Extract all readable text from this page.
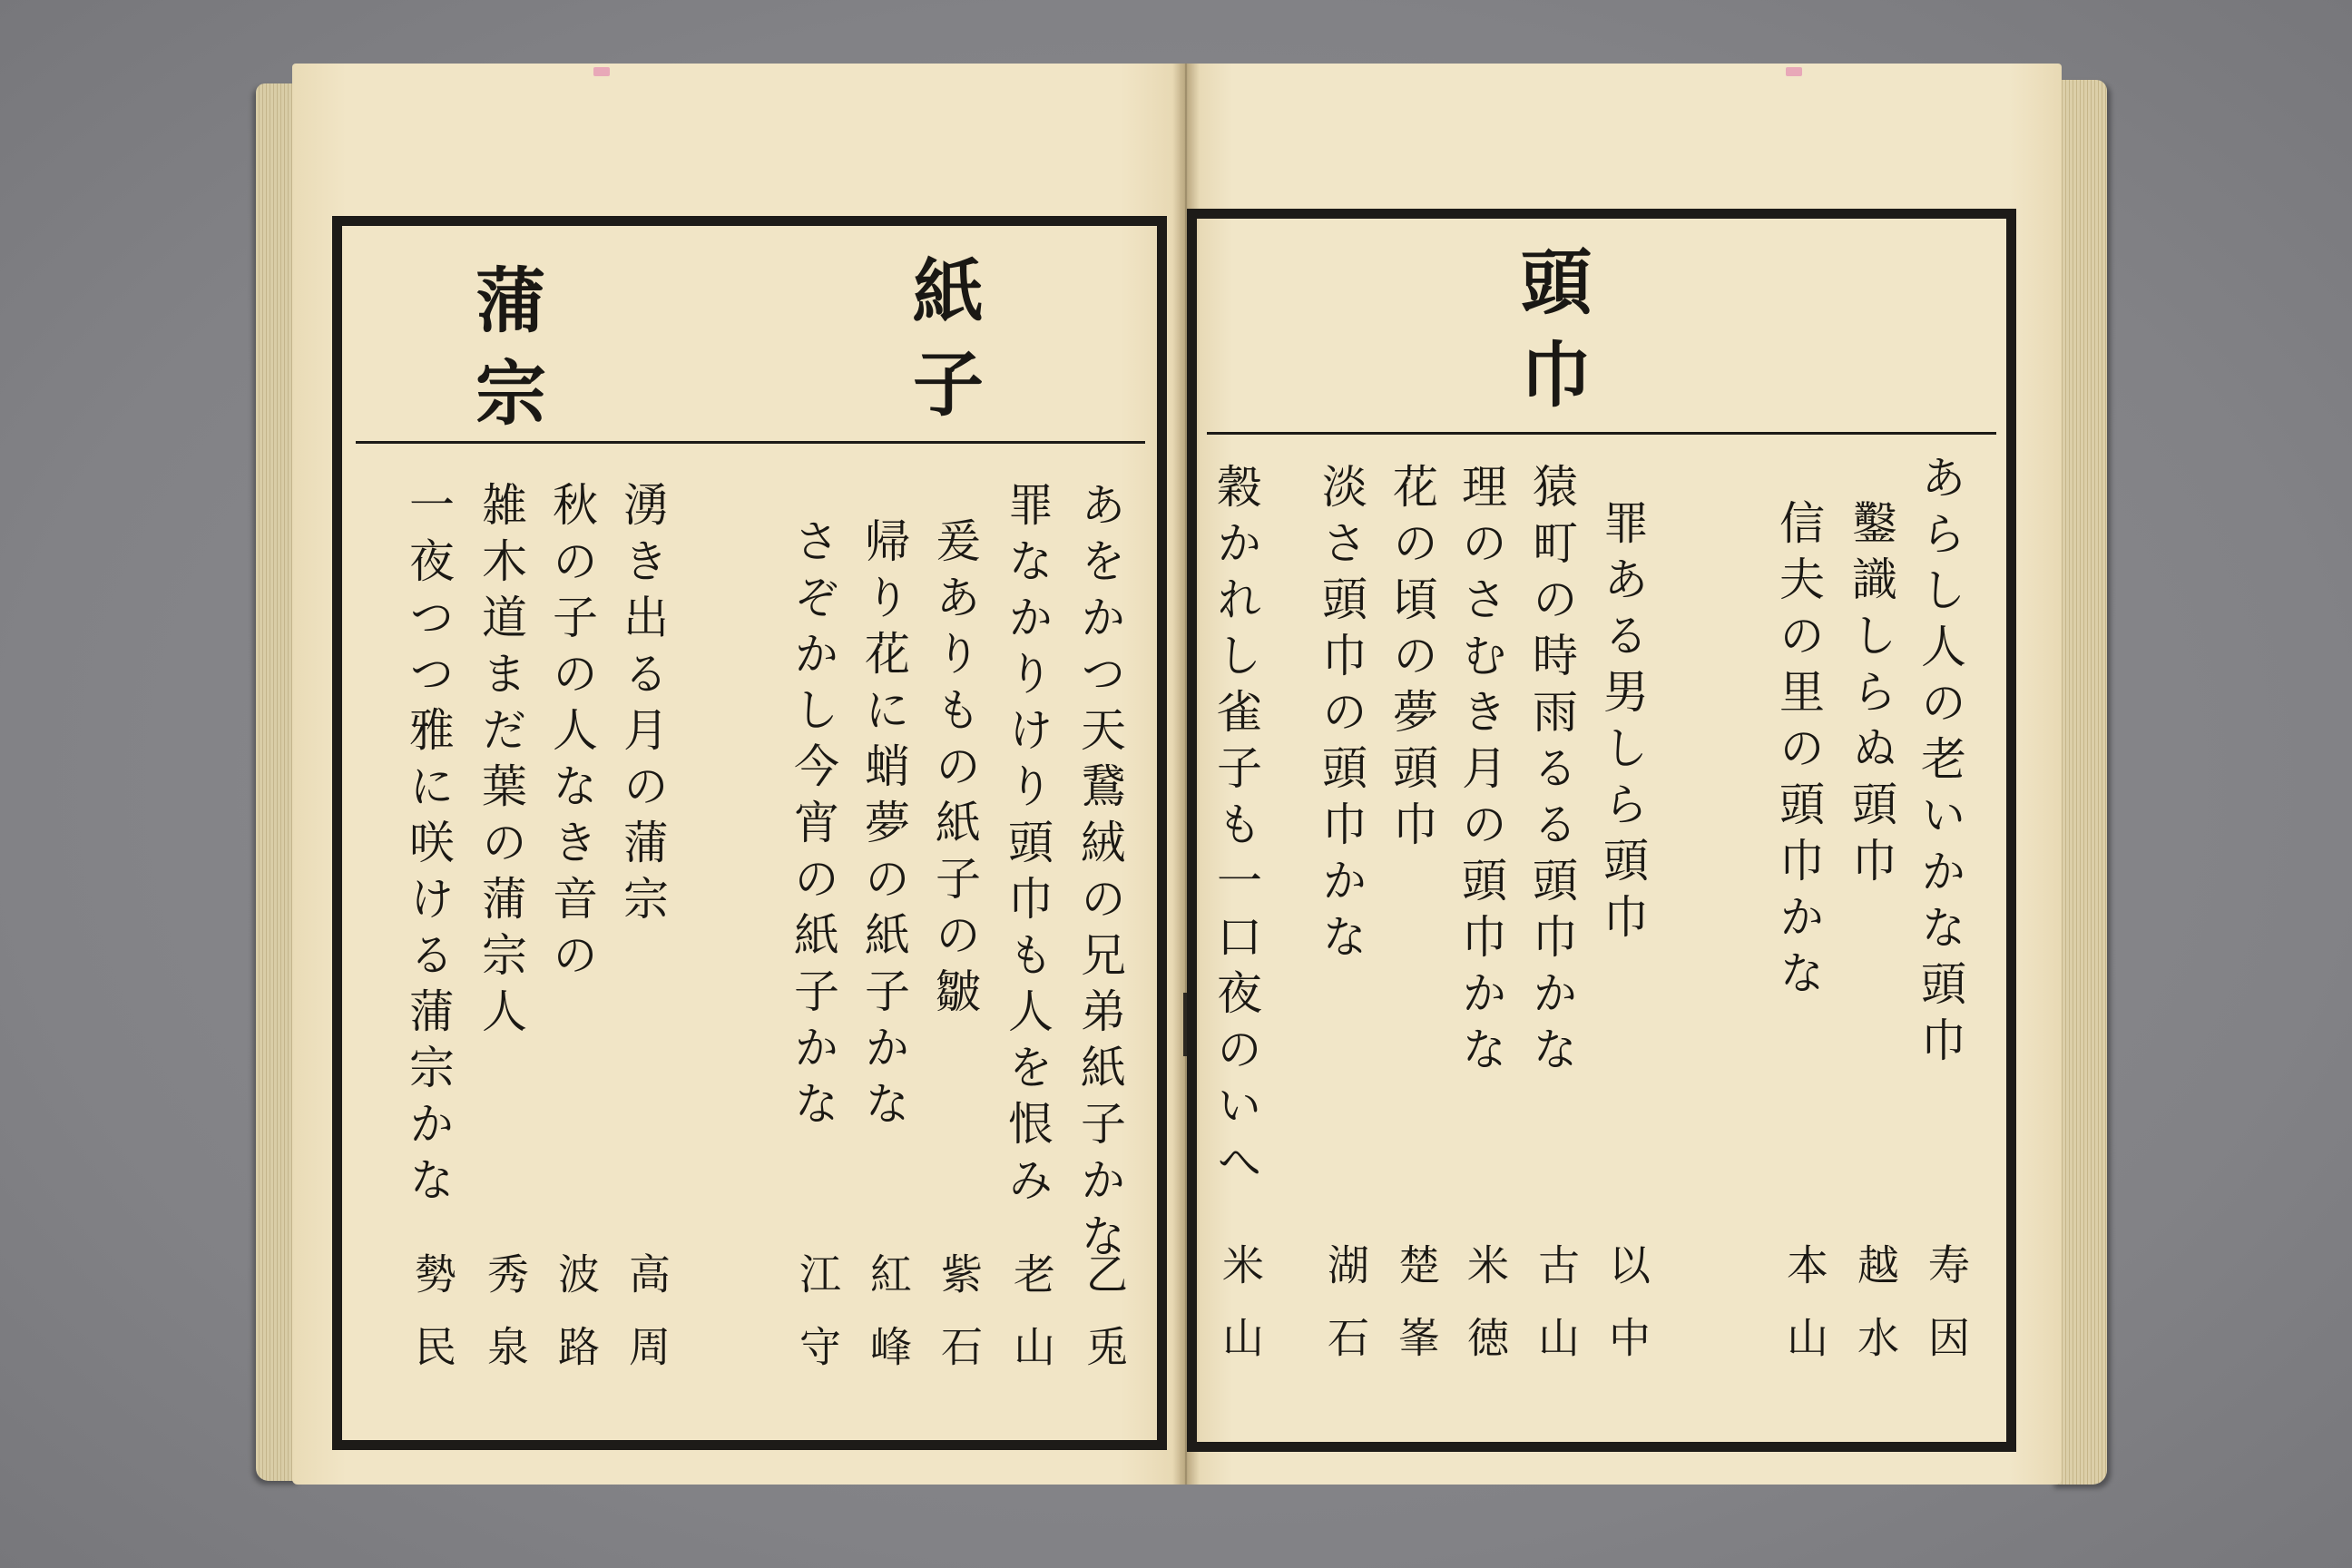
紙子
蒲宗
あをかつ天鵞絨の兄弟紙子かな
罪なかりけり頭巾も人を恨み
爰ありもの紙子の皺
帰り花に蛸夢の紙子かな
さぞかし今宵の紙子かな
湧き出る月の蒲宗
秋の子の人なき音の
雑木道まだ葉の蒲宗人
一夜つつ雅に咲ける蒲宗かな
乙兎
老山
紫石
紅峰
江守
高周
波路
秀泉
勢民
頭巾
あらし人の老いかな頭巾
鑿識しらぬ頭巾
信夫の里の頭巾かな
罪ある男しら頭巾
猿町の時雨るる頭巾かな
理のさむき月の頭巾かな
花の頃の夢頭巾
淡さ頭巾の頭巾かな
穀かれし雀子も一口夜のいへ
寿因
越水
本山
以中
古山
米徳
楚峯
湖石
米山
